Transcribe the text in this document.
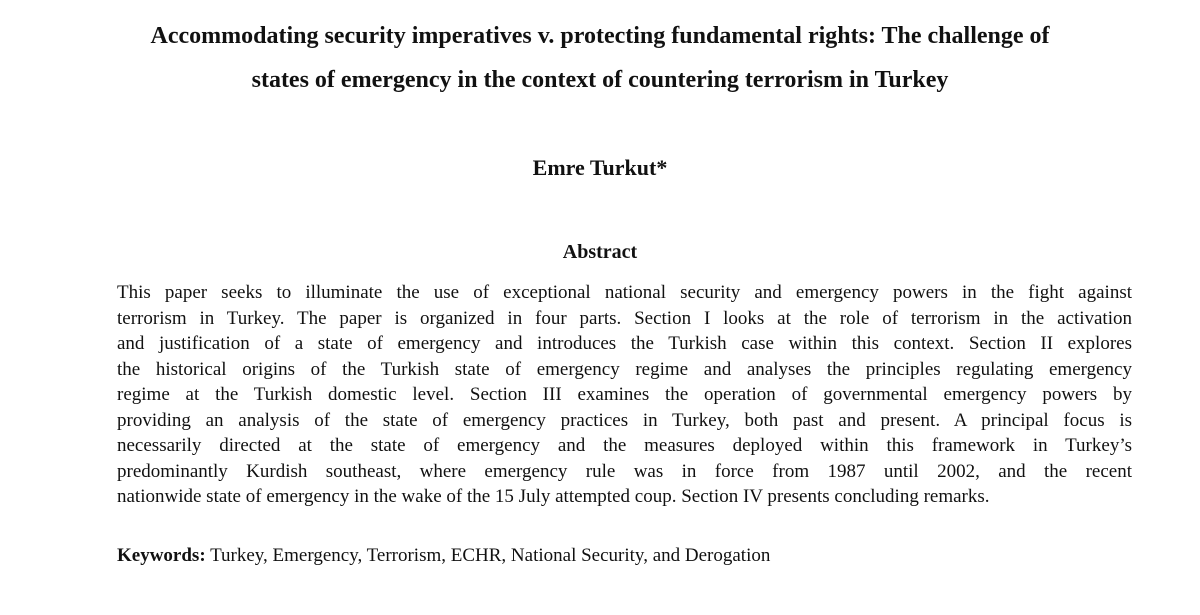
Accommodating security imperatives v. protecting fundamental rights: The challenge of
states of emergency in the context of countering terrorism in Turkey
Emre Turkut*
Abstract
This paper seeks to illuminate the use of exceptional national security and emergency powers in the fight against
terrorism in Turkey. The paper is organized in four parts. Section I looks at the role of terrorism in the activation
and justification of a state of emergency and introduces the Turkish case within this context. Section II explores
the historical origins of the Turkish state of emergency regime and analyses the principles regulating emergency
regime at the Turkish domestic level. Section III examines the operation of governmental emergency powers by
providing an analysis of the state of emergency practices in Turkey, both past and present. A principal focus is
necessarily directed at the state of emergency and the measures deployed within this framework in Turkey’s
predominantly Kurdish southeast, where emergency rule was in force from 1987 until 2002, and the recent
nationwide state of emergency in the wake of the 15 July attempted coup. Section IV presents concluding remarks.
Keywords: Turkey, Emergency, Terrorism, ECHR, National Security, and Derogation
